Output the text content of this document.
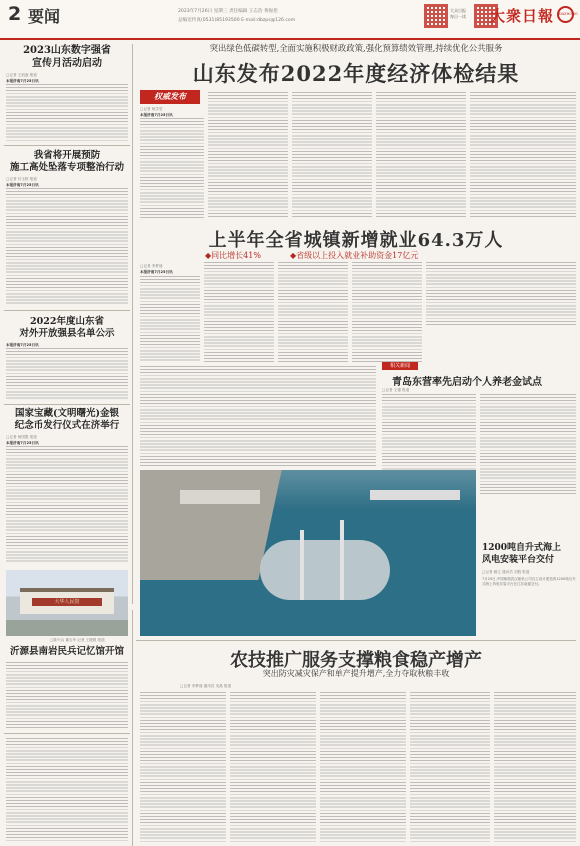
2 要闻	2023年7月26日 星期三 责任编辑 王志浩 黄振伦
总编室传真(0531)85193500 E-mail:dbzps@126.com
大众日报
每日一读 大衆日報	DAZHONG
2023山东数字强省
宣传月活动启动
□记者 王凯旋 报道
本报济南7月25日讯
我省将开展预防
施工高处坠落专项整治行动
□记者 付玉婷 报道
本报济南7月25日讯
2022年度山东省
对外开放强县名单公示
本报济南7月25日讯
国家宝藏(文明曙光)金银
纪念币发行仪式在济举行
□记者 杨国胜 报道
本报济南7月25日讯
大华人民馆
□陈兴兵 董玉华 记者 王媛媛 报道
沂源县南岩民兵记忆馆开馆
突出绿色低碳转型,全面实施积极财政政策,强化预算绩效管理,持续优化公共服务
山东发布2022年度经济体检结果
权威发布
□记者 杨学莹
本报济南7月25日讯
上半年全省城镇新增就业64.3万人
◆同比增长41%	◆省级以上投入就业补助资金17亿元
□记者 李梦迪
本报济南7月25日讯
相关新闻
青岛东营率先启动个人养老金试点
□记者 王德 报道
1200吨自升式海上
风电安装平台交付
□记者 顾立 通讯员 刘胜 报道
7月25日,中国船舶武汉船机公司自主设计建造的1200吨自升式海上风电安装平台在江苏南通交付。
农技推广服务支撑粮食稳产增产
突出防灾减灾保产和单产提升增产,全力夺取秋粮丰收
□记者 李梦迪 通讯员 吴晶 报道
